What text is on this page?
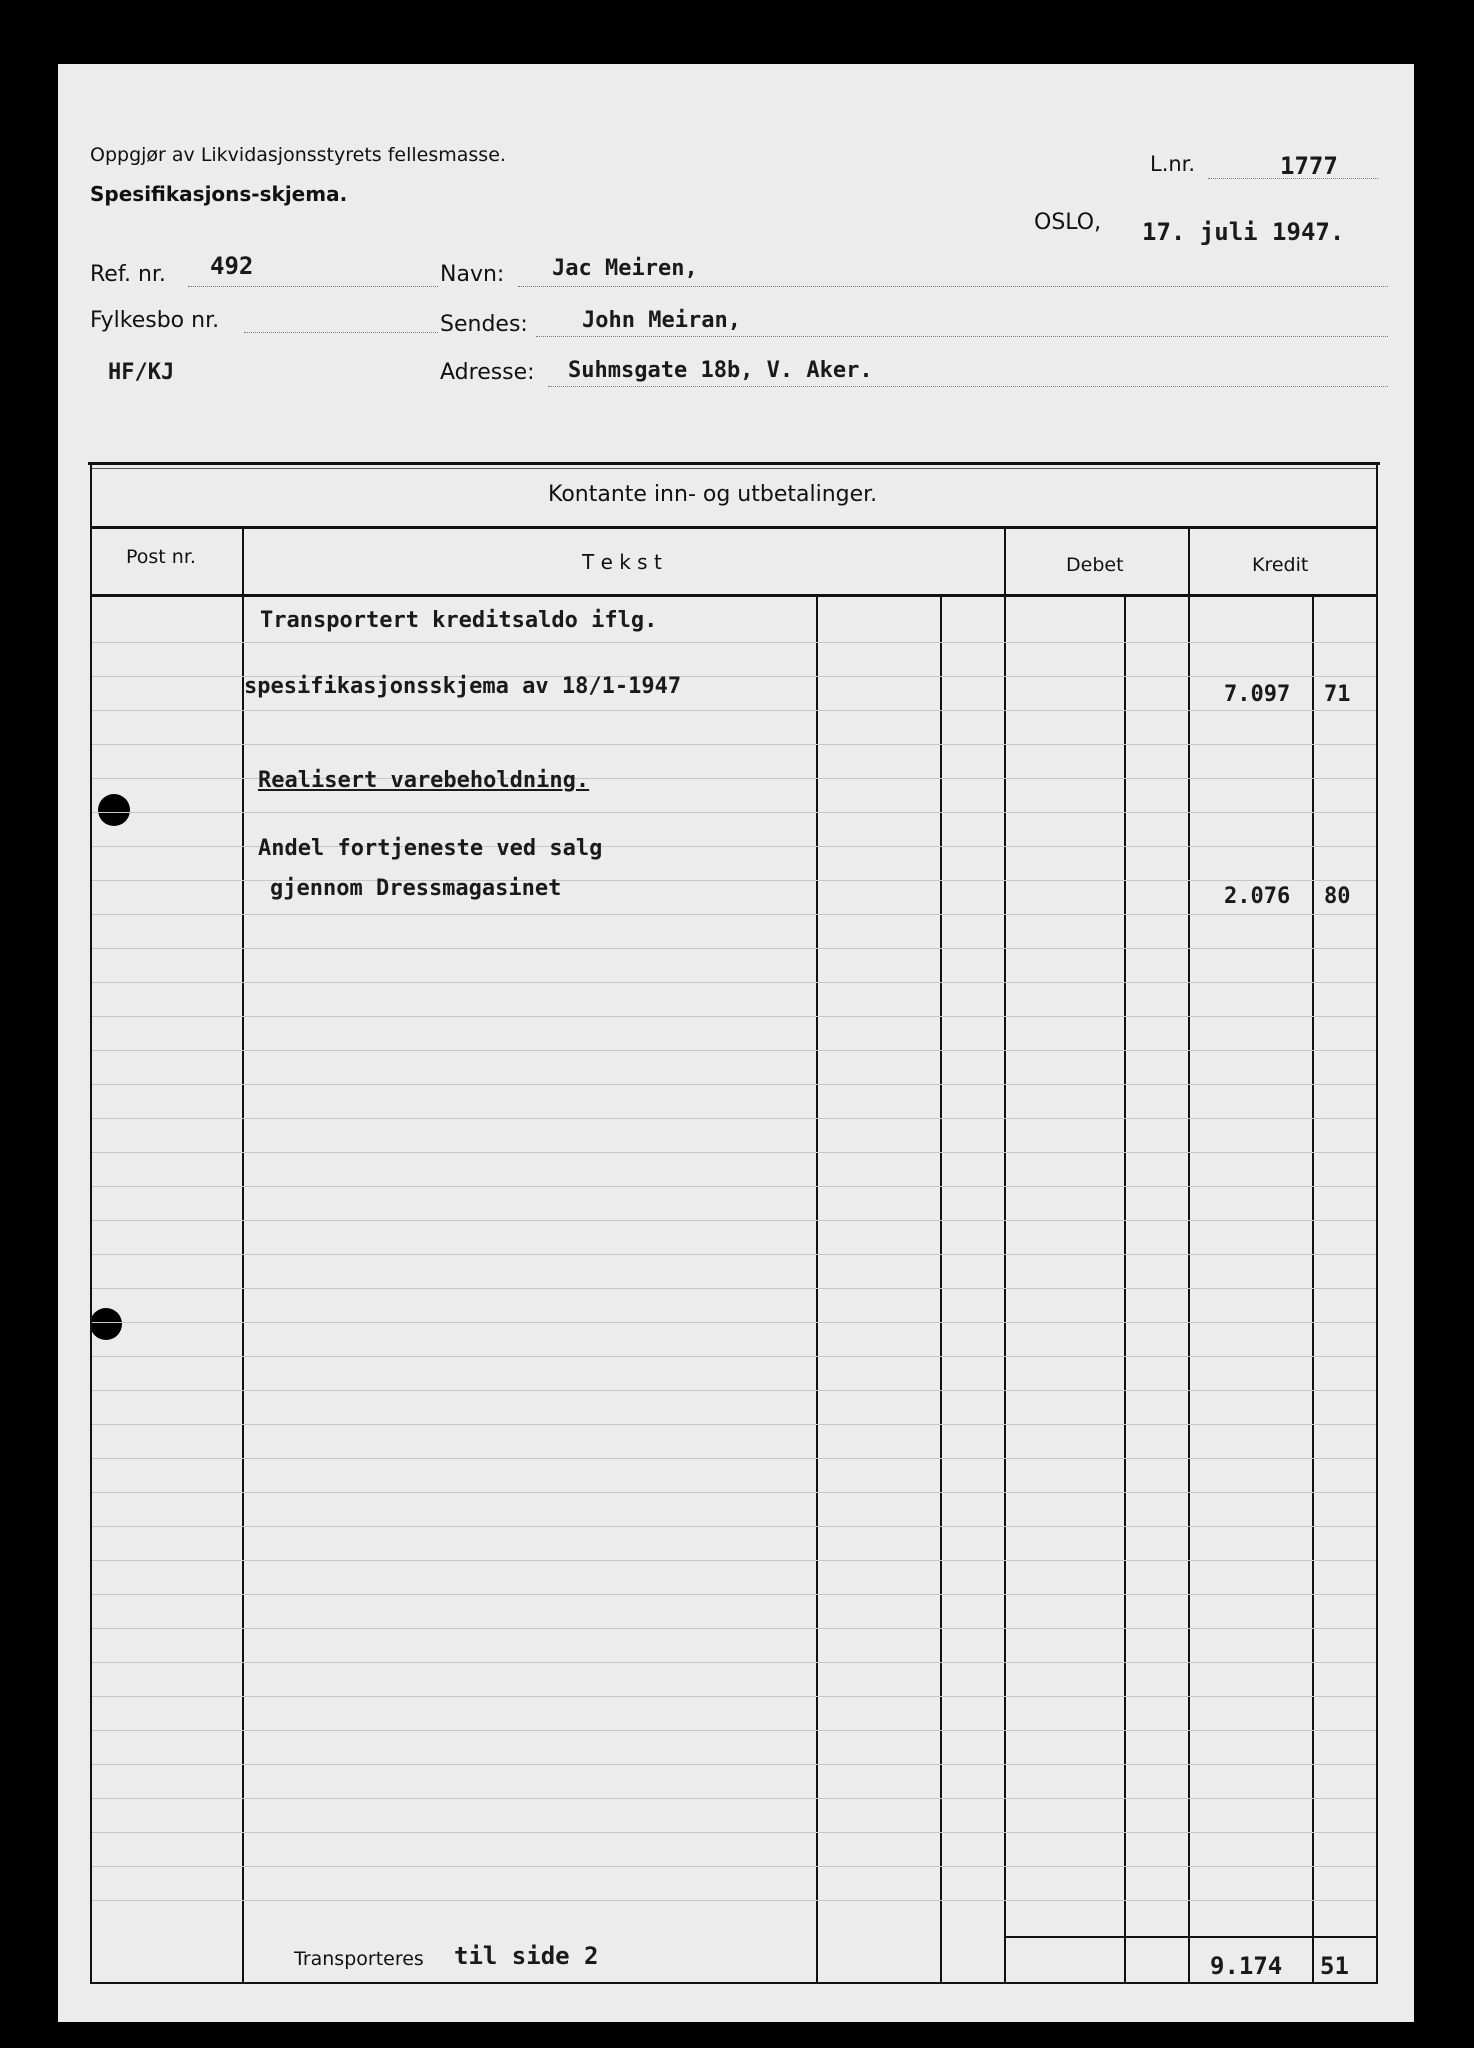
Oppgjør av Likvidasjonsstyrets fellesmasse.
Spesifikasjons-skjema.
L.nr.	1777
OSLO, 17. juli 1947.
Ref. nr. 492
Fylkesbo nr.
HF/KJ
Navn: Jac Meiren,
Sendes: John Meiran,
Adresse: Suhmsgate 18b, V. Aker.
Kontante inn- og utbetalinger.
Post nr.	T e k s t	Debet	Kredit
Transportert kreditsaldo iflg.
spesifikasjonsskjema av 18/1-1947	7.097 71
Realisert varebeholdning.
Andel fortjeneste ved salg
gjennom Dressmagasinet	2.076 80
Transporteres til side 2	9.174 51
